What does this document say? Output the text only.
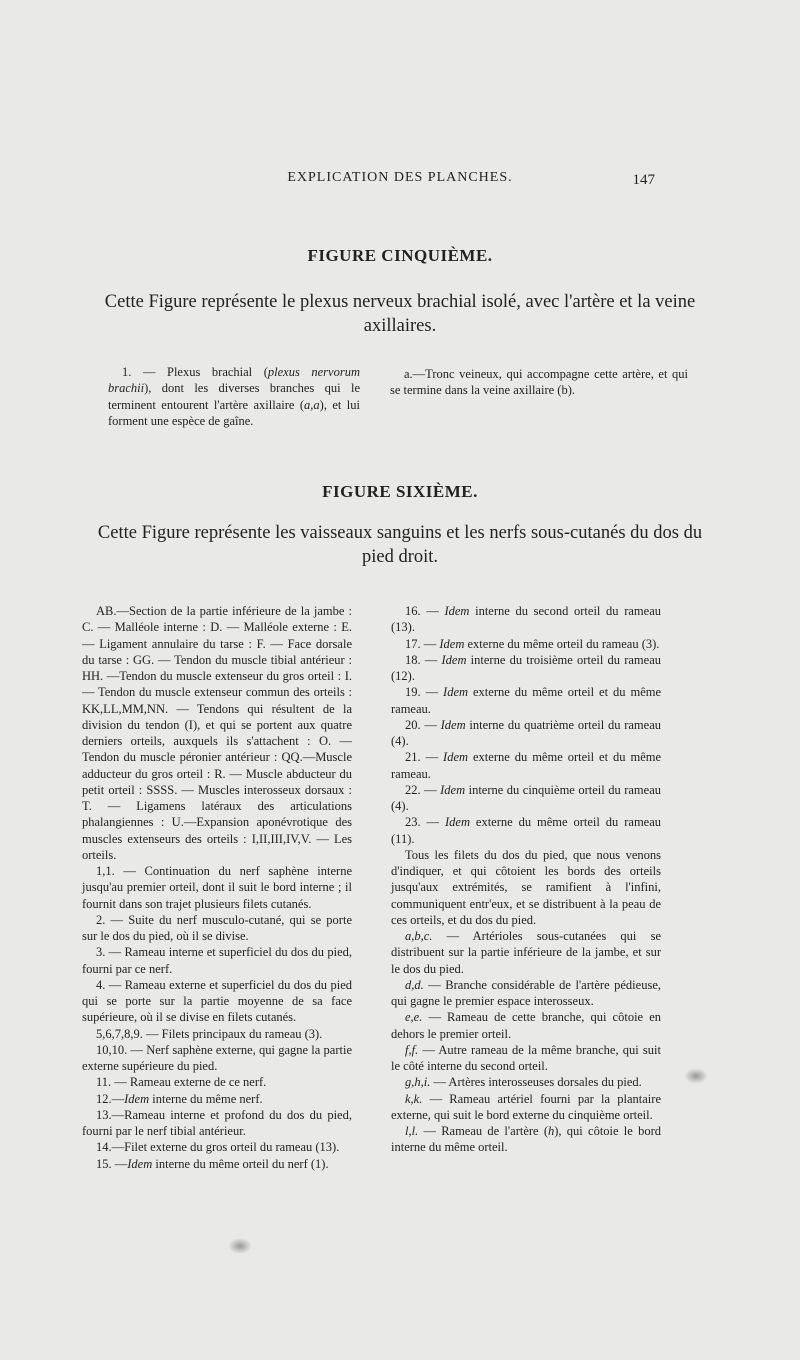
EXPLICATION DES PLANCHES.	147
FIGURE CINQUIÈME.
Cette Figure représente le plexus nerveux brachial isolé, avec l'artère et la veine axillaires.

1. — Plexus brachial (plexus nervorum brachii), dont les diverses branches qui le terminent entourent l'artère axillaire (a,a), et lui forment une espèce de gaîne.

a.—Tronc veineux, qui accompagne cette artère, et qui se termine dans la veine axillaire (b).

FIGURE SIXIÈME.
Cette Figure représente les vaisseaux sanguins et les nerfs sous-cutanés du dos du pied droit.

AB.—Section de la partie inférieure de la jambe : C. — Malléole interne : D. — Malléole externe : E. — Ligament annulaire du tarse : F. — Face dorsale du tarse : GG. — Tendon du muscle tibial antérieur : HH. —Tendon du muscle extenseur du gros orteil : I.— Tendon du muscle extenseur commun des orteils : KK,LL,MM,NN. — Tendons qui résultent de la division du tendon (I), et qui se portent aux quatre derniers orteils, auxquels ils s'attachent : O. — Tendon du muscle péronier antérieur : QQ.—Muscle adducteur du gros orteil : R. — Muscle abducteur du petit orteil : SSSS. — Muscles interosseux dorsaux : T. — Ligamens latéraux des articulations phalangiennes : U.—Expansion aponévrotique des muscles extenseurs des orteils : I,II,III,IV,V. — Les orteils.

1,1. — Continuation du nerf saphène interne jusqu'au premier orteil, dont il suit le bord interne ; il fournit dans son trajet plusieurs filets cutanés.

2. — Suite du nerf musculo-cutané, qui se porte sur le dos du pied, où il se divise.

3. — Rameau interne et superficiel du dos du pied, fourni par ce nerf.

4. — Rameau externe et superficiel du dos du pied qui se porte sur la partie moyenne de sa face supérieure, où il se divise en filets cutanés.

5,6,7,8,9. — Filets principaux du rameau (3).

10,10. — Nerf saphène externe, qui gagne la partie externe supérieure du pied.

11. — Rameau externe de ce nerf.

12.—Idem interne du même nerf.

13.—Rameau interne et profond du dos du pied, fourni par le nerf tibial antérieur.

14.—Filet externe du gros orteil du rameau (13).

15. —Idem interne du même orteil du nerf (1).

16. — Idem interne du second orteil du rameau (13).

17. — Idem externe du même orteil du rameau (3).

18. — Idem interne du troisième orteil du rameau (12).

19. — Idem externe du même orteil et du même rameau.

20. — Idem interne du quatrième orteil du rameau (4).

21. — Idem externe du même orteil et du même rameau.

22. — Idem interne du cinquième orteil du rameau (4).

23. — Idem externe du même orteil du rameau (11).

Tous les filets du dos du pied, que nous venons d'indiquer, et qui côtoient les bords des orteils jusqu'aux extrémités, se ramifient à l'infini, communiquent entr'eux, et se distribuent à la peau de ces orteils, et du dos du pied.

a,b,c. — Artérioles sous-cutanées qui se distribuent sur la partie inférieure de la jambe, et sur le dos du pied.

d,d. — Branche considérable de l'artère pédieuse, qui gagne le premier espace interosseux.

e,e. — Rameau de cette branche, qui côtoie en dehors le premier orteil.

f,f. — Autre rameau de la même branche, qui suit le côté interne du second orteil.

g,h,i. — Artères interosseuses dorsales du pied.

k,k. — Rameau artériel fourni par la plantaire externe, qui suit le bord externe du cinquième orteil.

l,l. — Rameau de l'artère (h), qui côtoie le bord interne du même orteil.
